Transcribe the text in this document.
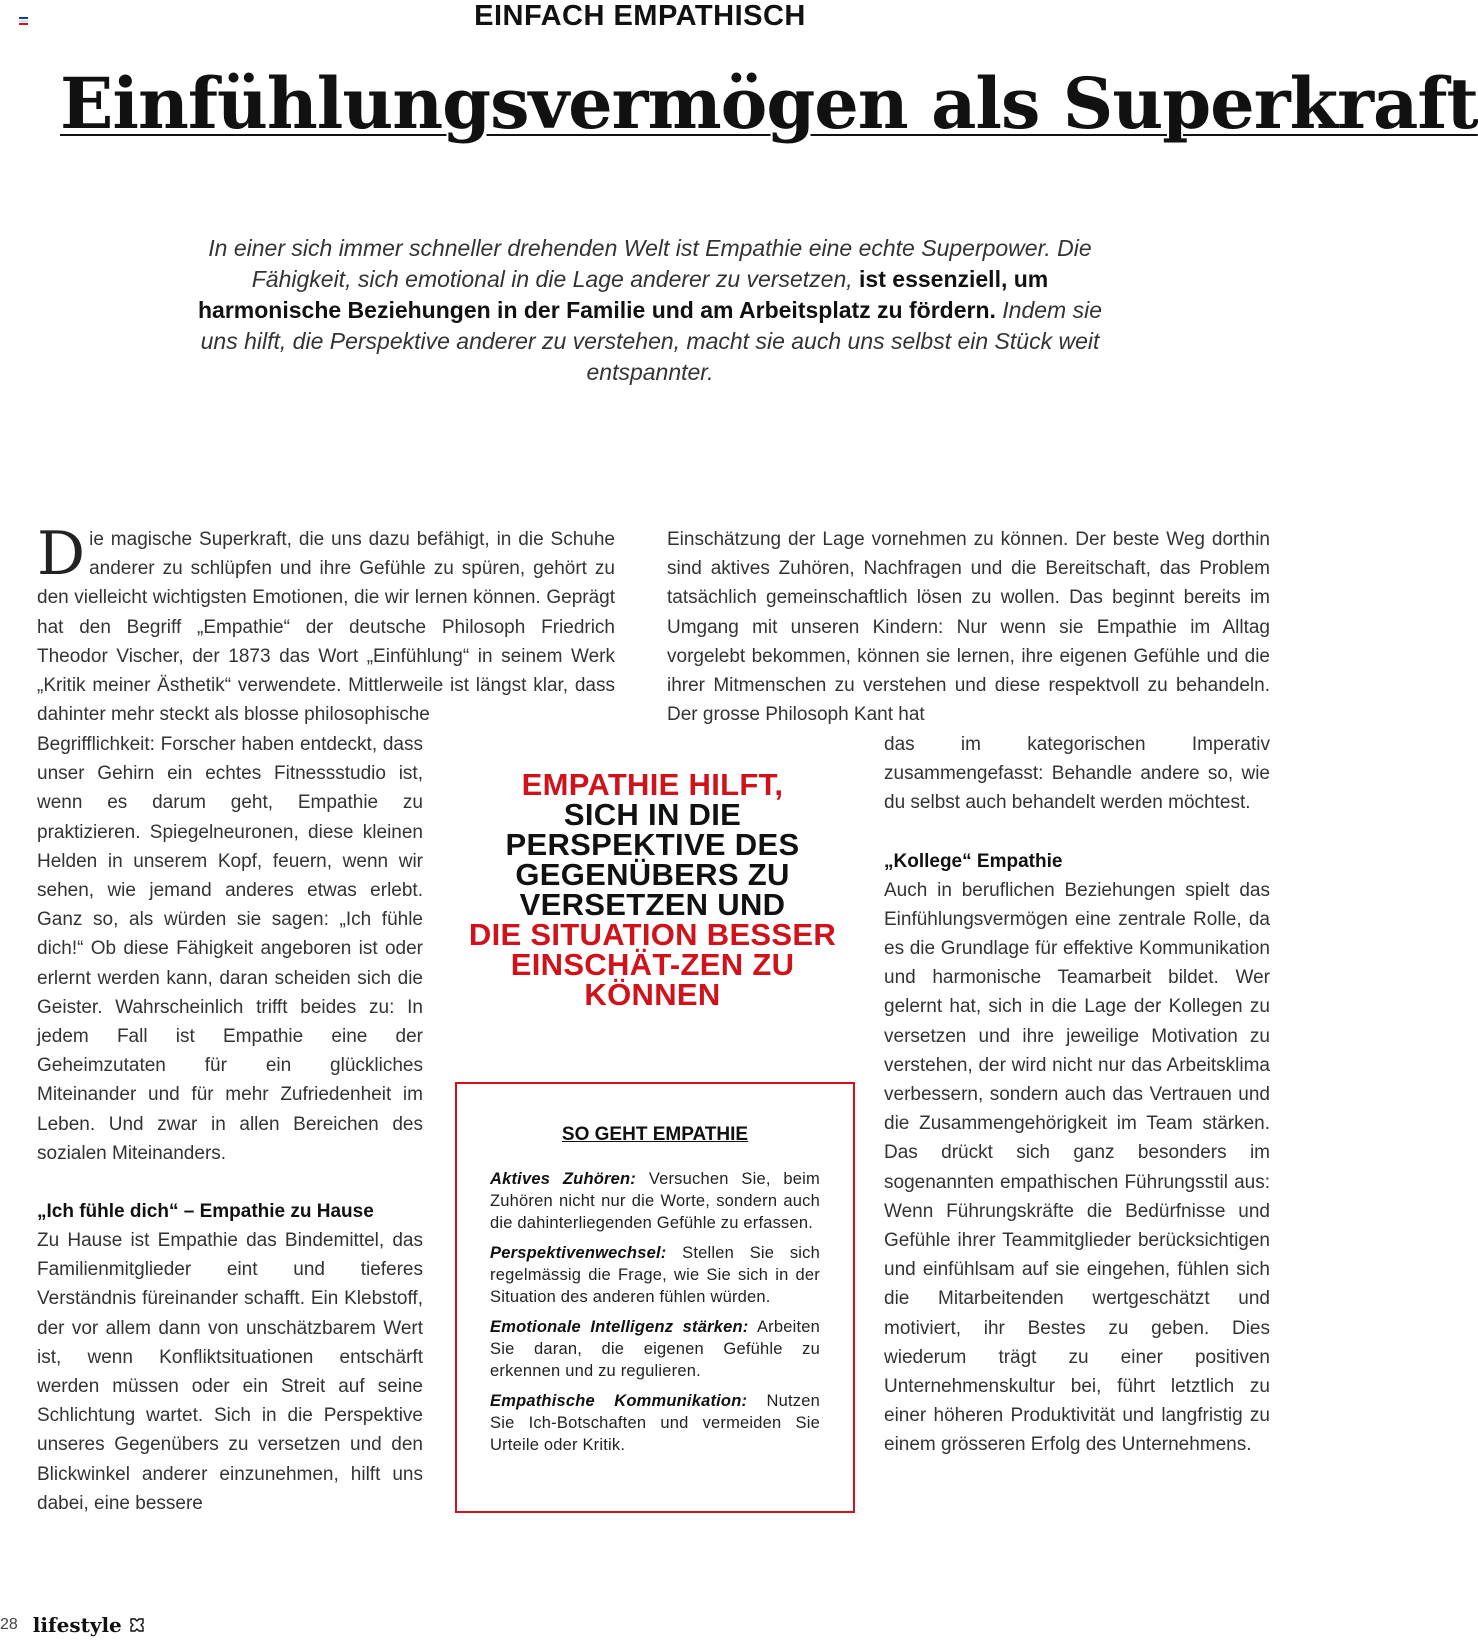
EINFACH EMPATHISCH
Einfühlungsvermögen als Superkraft

In einer sich immer schneller drehenden Welt ist Empathie eine echte Superpower. Die Fähigkeit, sich emotional in die Lage anderer zu versetzen, ist essenziell, um harmonische Beziehungen in der Familie und am Arbeitsplatz zu fördern. Indem sie uns hilft, die Perspektive anderer zu verstehen, macht sie auch uns selbst ein Stück weit entspannter.

D ie magische Superkraft, die uns dazu befähigt, in die Schuhe anderer zu schlüpfen und ihre Gefühle zu spüren, gehört zu den vielleicht wichtigsten Emotionen, die wir lernen können. Geprägt hat den Begriff „Empathie“ der deutsche Philosoph Friedrich Theodor Vischer, der 1873 das Wort „Einfühlung“ in seinem Werk „Kritik meiner Ästhetik“ verwendete. Mittlerweile ist längst klar, dass dahinter mehr steckt als blosse philosophische

Begrifflichkeit: Forscher haben entdeckt, dass unser Gehirn ein echtes Fitnessstudio ist, wenn es darum geht, Empathie zu praktizieren. Spiegelneuronen, diese kleinen Helden in unserem Kopf, feuern, wenn wir sehen, wie jemand anderes etwas erlebt. Ganz so, als würden sie sagen: „Ich fühle dich!“ Ob diese Fähigkeit angeboren ist oder erlernt werden kann, daran scheiden sich die Geister. Wahrscheinlich trifft beides zu: In jedem Fall ist Empathie eine der Geheimzutaten für ein glückliches Miteinander und für mehr Zufriedenheit im Leben. Und zwar in allen Bereichen des sozialen Miteinanders.

„Ich fühle dich“ – Empathie zu Hause

Zu Hause ist Empathie das Bindemittel, das Familienmitglieder eint und tieferes Verständnis füreinander schafft. Ein Klebstoff, der vor allem dann von unschätzbarem Wert ist, wenn Konfliktsituationen entschärft werden müssen oder ein Streit auf seine Schlichtung wartet. Sich in die Perspektive unseres Gegenübers zu versetzen und den Blickwinkel anderer einzunehmen, hilft uns dabei, eine bessere

Einschätzung der Lage vornehmen zu können. Der beste Weg dorthin sind aktives Zuhören, Nachfragen und die Bereitschaft, das Problem tatsächlich gemeinschaftlich lösen zu wollen. Das beginnt bereits im Umgang mit unseren Kindern: Nur wenn sie Empathie im Alltag vorgelebt bekommen, können sie lernen, ihre eigenen Gefühle und die ihrer Mitmenschen zu verstehen und diese respektvoll zu behandeln. Der grosse Philosoph Kant hat

das im kategorischen Imperativ zusammengefasst: Behandle andere so, wie du selbst auch behandelt werden möchtest.

„Kollege“ Empathie

Auch in beruflichen Beziehungen spielt das Einfühlungsvermögen eine zentrale Rolle, da es die Grundlage für effektive Kommunikation und harmonische Teamarbeit bildet. Wer gelernt hat, sich in die Lage der Kollegen zu versetzen und ihre jeweilige Motivation zu verstehen, der wird nicht nur das Arbeitsklima verbessern, sondern auch das Vertrauen und die Zusammengehörigkeit im Team stärken. Das drückt sich ganz besonders im sogenannten empathischen Führungsstil aus: Wenn Führungskräfte die Bedürfnisse und Gefühle ihrer Teammitglieder berücksichtigen und einfühlsam auf sie eingehen, fühlen sich die Mitarbeitenden wertgeschätzt und motiviert, ihr Bestes zu geben. Dies wiederum trägt zu einer positiven Unternehmenskultur bei, führt letztlich zu einer höheren Produktivität und langfristig zu einem grösseren Erfolg des Unternehmens.

EMPATHIE HILFT,
SICH IN DIE PERSPEKTIVE DES GEGENÜBERS ZU VERSETZEN UND
DIE SITUATION BESSER EINSCHÄT-ZEN ZU KÖNNEN
SO GEHT EMPATHIE
Aktives Zuhören: Versuchen Sie, beim Zuhören nicht nur die Worte, sondern auch die dahinterliegenden Gefühle zu erfassen.
Perspektivenwechsel: Stellen Sie sich regelmässig die Frage, wie Sie sich in der Situation des anderen fühlen würden.
Emotionale Intelligenz stärken: Arbeiten Sie daran, die eigenen Gefühle zu erkennen und zu regulieren.
Empathische Kommunikation: Nutzen Sie Ich-Botschaften und vermeiden Sie Urteile oder Kritik.
28 lifestyle
